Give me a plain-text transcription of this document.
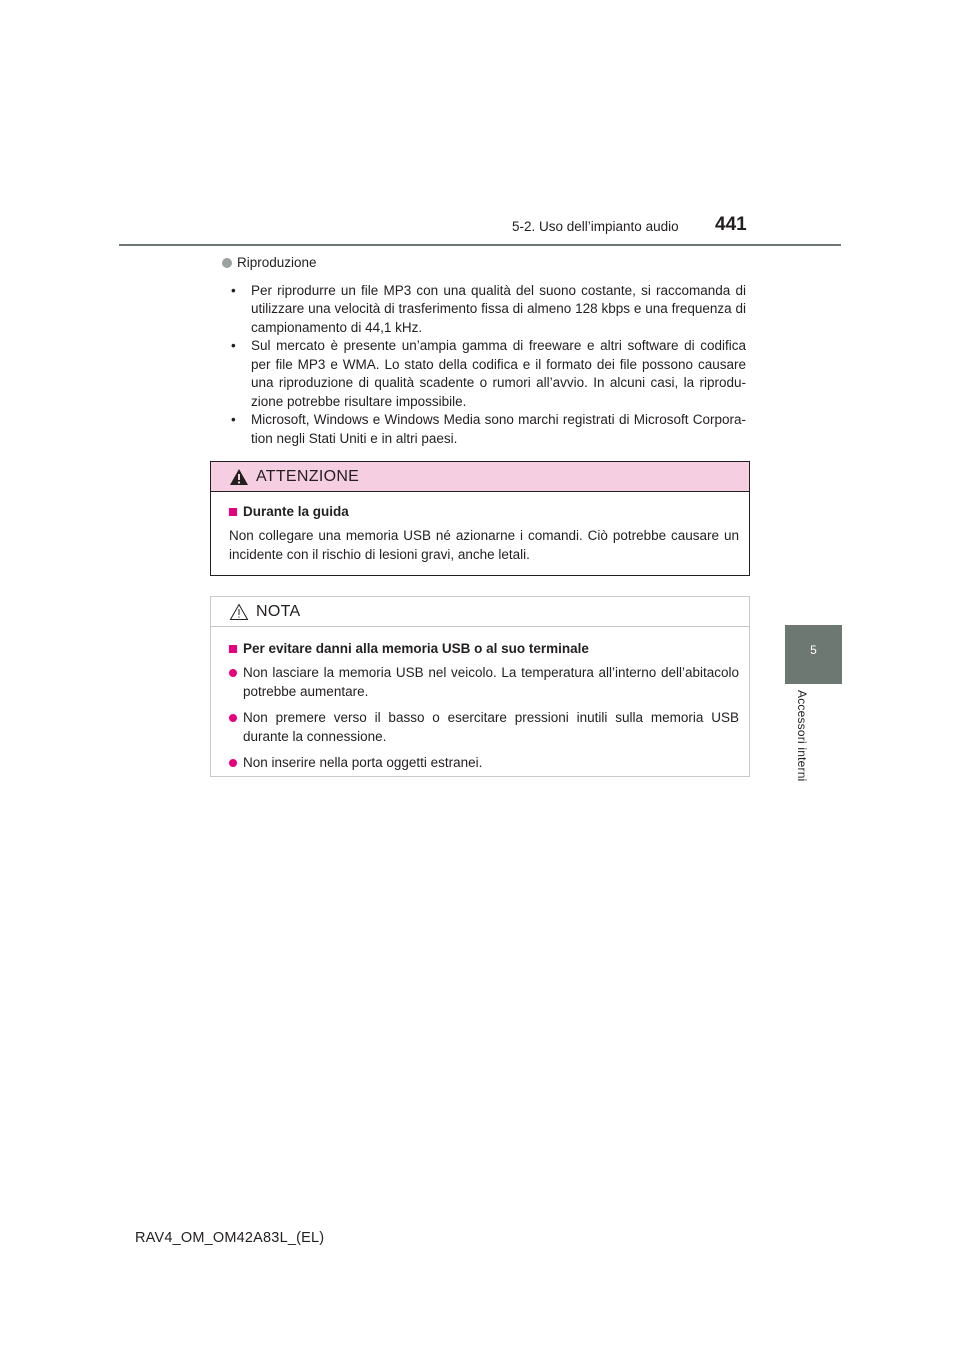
5-2. Uso dell’impianto audio 441
5
Accessori interni
Riproduzione
• Per riprodurre un file MP3 con una qualità del suono costante, si raccomanda di utilizzare una velocità di trasferimento fissa di almeno 128 kbps e una frequenza di campionamento di 44,1 kHz.
• Sul mercato è presente un’ampia gamma di freeware e altri software di codifica per file MP3 e WMA. Lo stato della codifica e il formato dei file possono causare una riproduzione di qualità scadente o rumori all’avvio. In alcuni casi, la riprodu-zione potrebbe risultare impossibile.
• Microsoft, Windows e Windows Media sono marchi registrati di Microsoft Corpora-tion negli Stati Uniti e in altri paesi.
ATTENZIONE
Durante la guida

Non collegare una memoria USB né azionarne i comandi. Ciò potrebbe causare un incidente con il rischio di lesioni gravi, anche letali.

NOTA
Per evitare danni alla memoria USB o al suo terminale
Non lasciare la memoria USB nel veicolo. La temperatura all’interno dell’abitacolo potrebbe aumentare.
Non premere verso il basso o esercitare pressioni inutili sulla memoria USB durante la connessione.
Non inserire nella porta oggetti estranei.
RAV4_OM_OM42A83L_(EL)
